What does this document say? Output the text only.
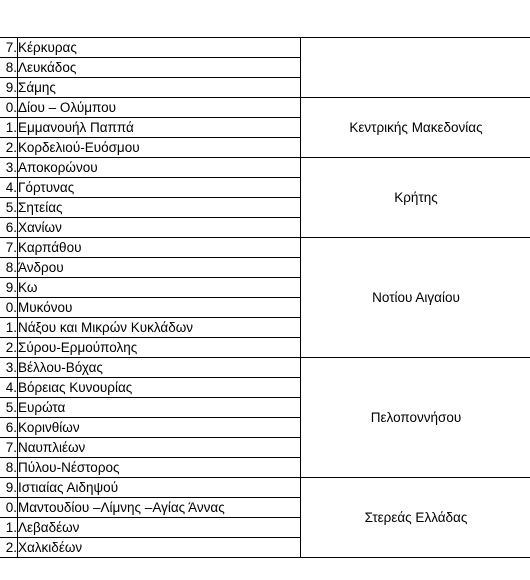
7.	Κέρκυρας	
8.	Λευκάδος	
9.	Σάμης	
0.	Δίου – Ολύμπου	Κεντρικής Μακεδονίας
1.	Εμμανουήλ Παππά	
2.	Κορδελιού-Ευόσμου	
3.	Αποκορώνου	Κρήτης
4.	Γόρτυνας	
5.	Σητείας	
6.	Χανίων	
7.	Καρπάθου	Νοτίου Αιγαίου
8.	Άνδρου	
9.	Κω	
0.	Μυκόνου	
1.	Νάξου και Μικρών Κυκλάδων	
2.	Σύρου-Ερμούπολης	
3.	Βέλλου-Βόχας	Πελοποννήσου
4.	Βόρειας Κυνουρίας	
5.	Ευρώτα	
6.	Κορινθίων	
7.	Ναυπλιέων	
8.	Πύλου-Νέστορος	
9.	Ιστιαίας Αιδηψού	Στερεάς Ελλάδας
0.	Μαντουδίου –Λίμνης –Αγίας Άννας	
1.	Λεβαδέων	
2.	Χαλκιδέων	
